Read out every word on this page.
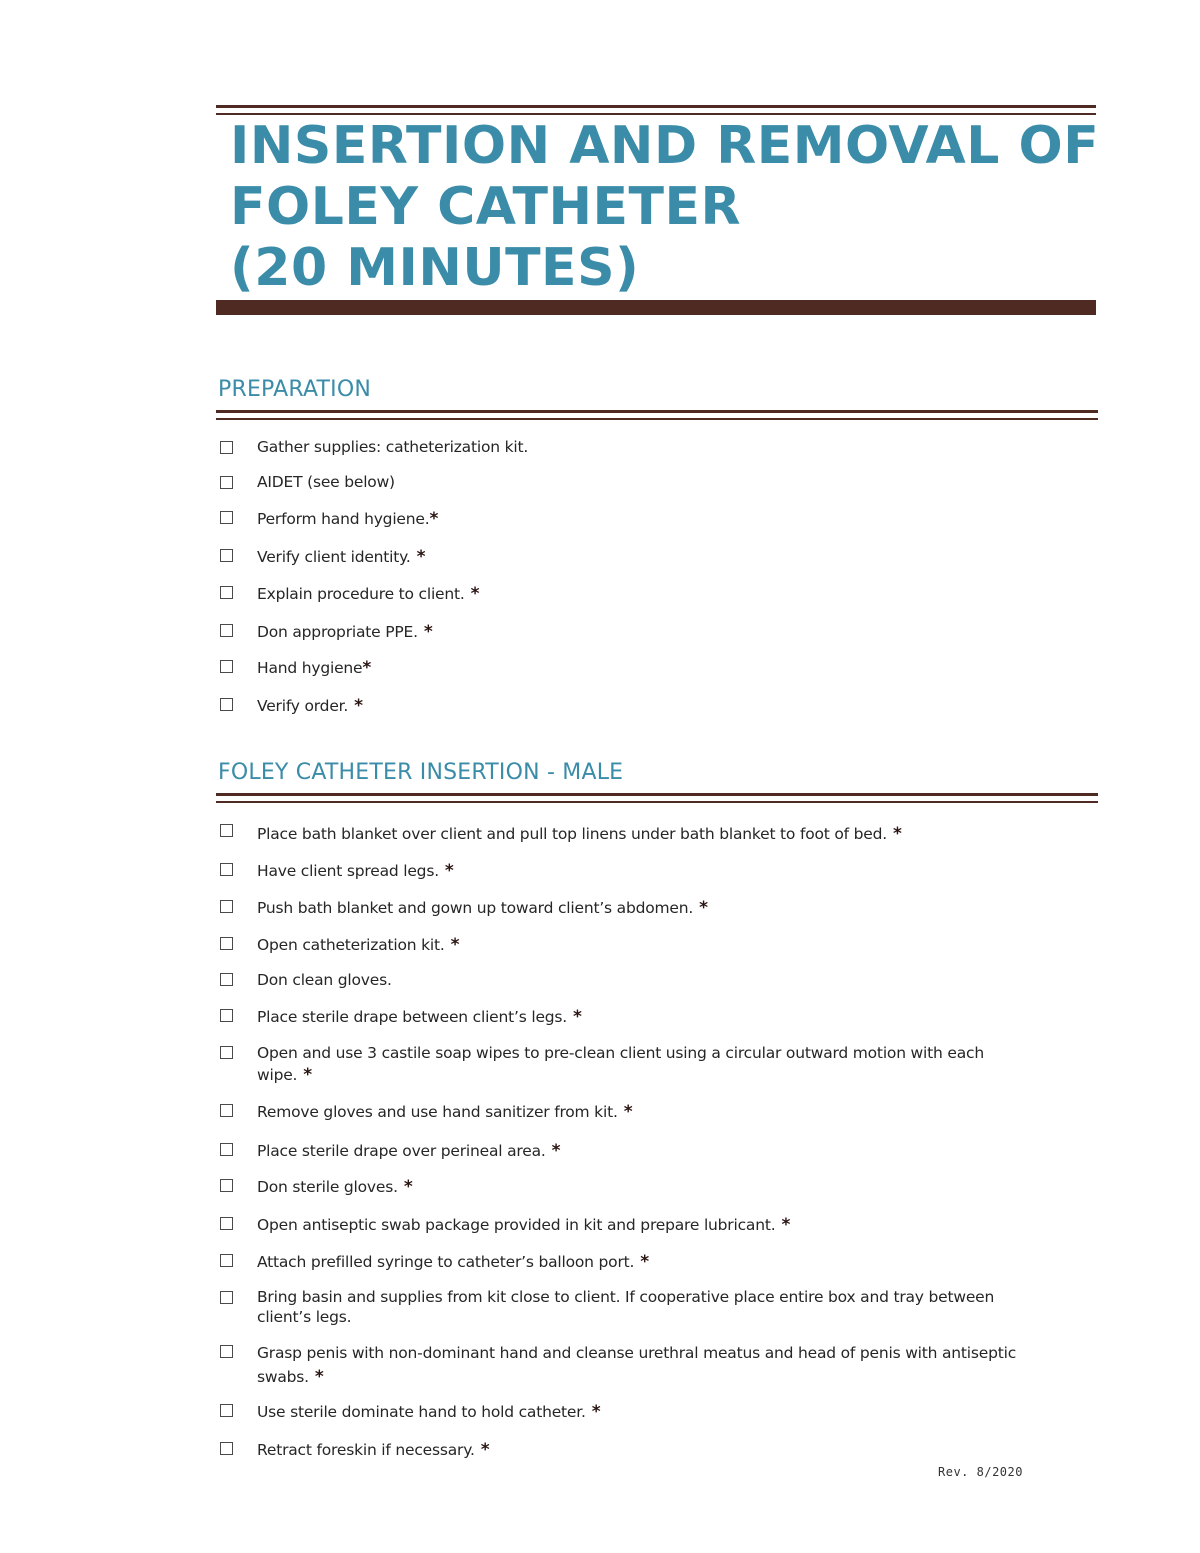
INSERTION AND REMOVAL OF
FOLEY CATHETER
(20 MINUTES)
PREPARATION
Gather supplies: catheterization kit.
AIDET (see below)
Perform hand hygiene.*
Verify client identity. *
Explain procedure to client. *
Don appropriate PPE. *
Hand hygiene*
Verify order. *
FOLEY CATHETER INSERTION - MALE
Place bath blanket over client and pull top linens under bath blanket to foot of bed. *
Have client spread legs. *
Push bath blanket and gown up toward client’s abdomen. *
Open catheterization kit. *
Don clean gloves.
Place sterile drape between client’s legs. *
Open and use 3 castile soap wipes to pre-clean client using a circular outward motion with each wipe. *
Remove gloves and use hand sanitizer from kit. *
Place sterile drape over perineal area. *
Don sterile gloves. *
Open antiseptic swab package provided in kit and prepare lubricant. *
Attach prefilled syringe to catheter’s balloon port. *
Bring basin and supplies from kit close to client. If cooperative place entire box and tray between client’s legs.
Grasp penis with non-dominant hand and cleanse urethral meatus and head of penis with antiseptic swabs. *
Use sterile dominate hand to hold catheter. *
Retract foreskin if necessary. *
Rev. 8/2020
